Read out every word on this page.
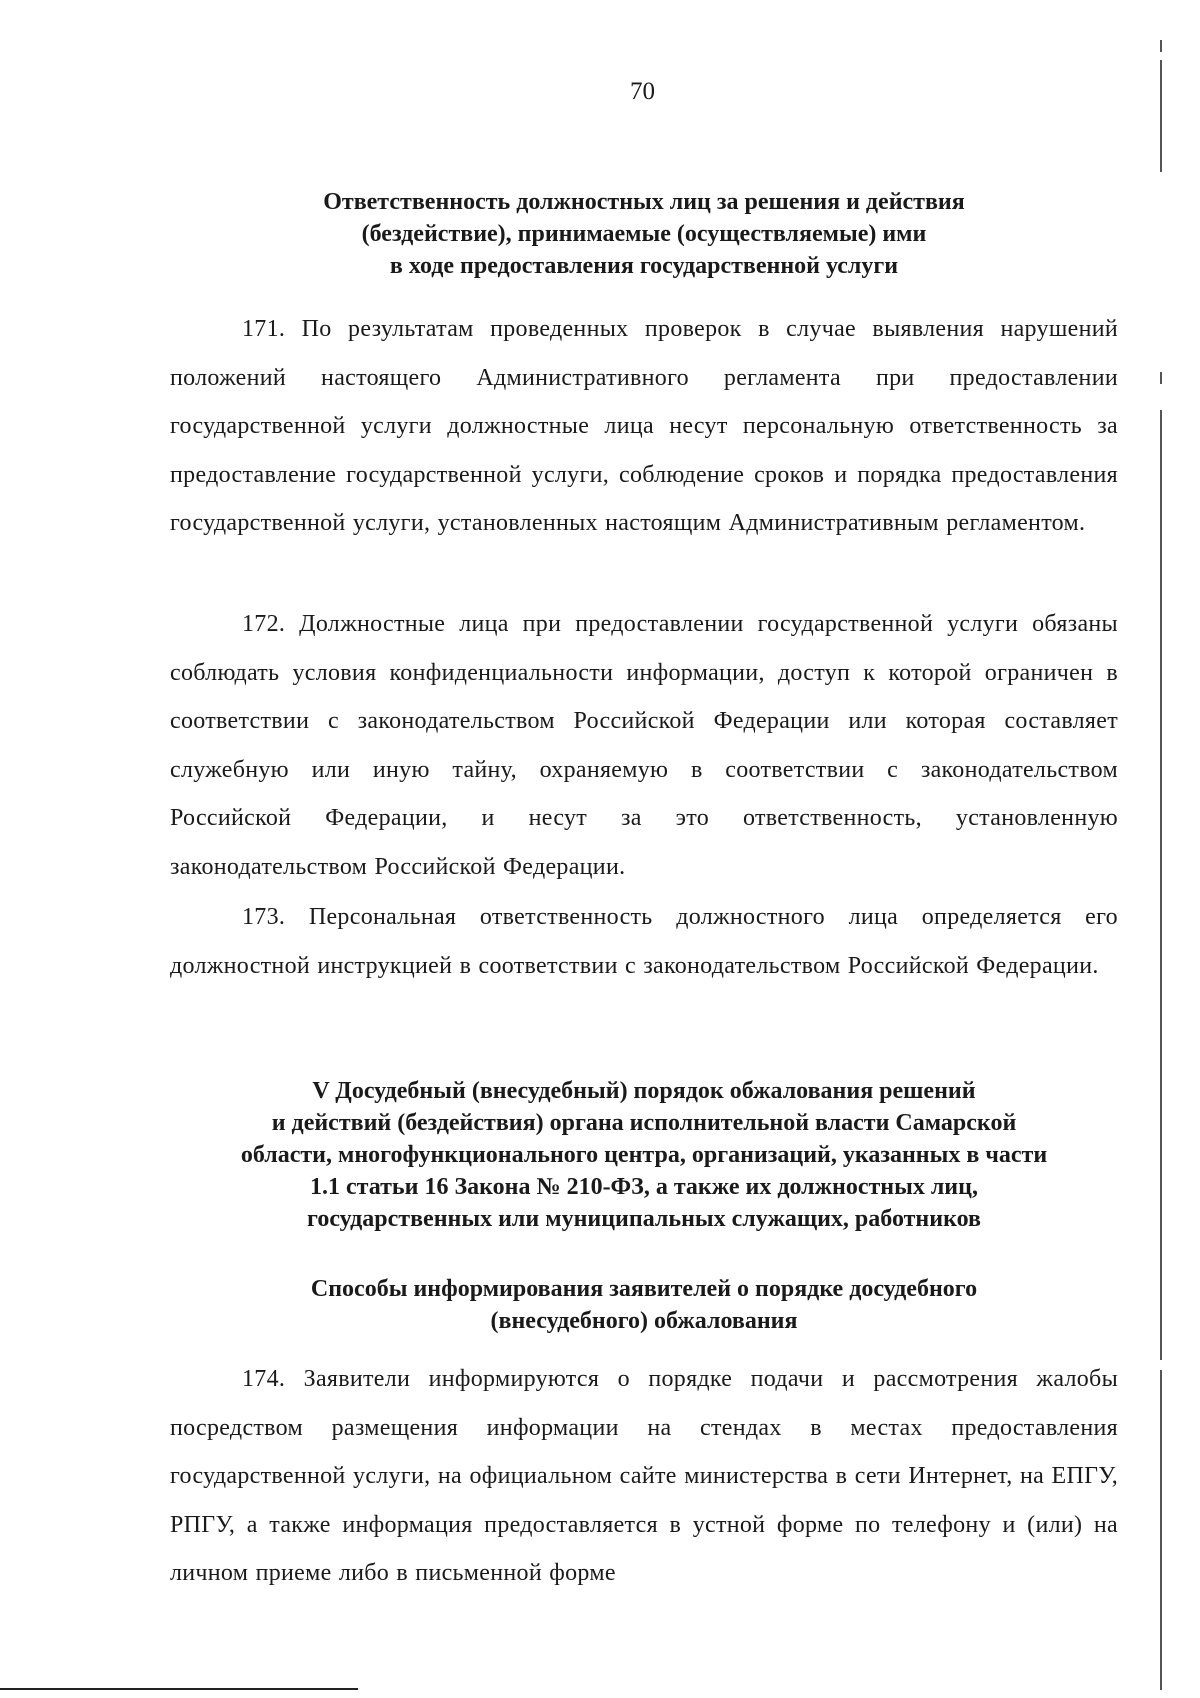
70
Ответственность должностных лиц за решения и действия
(бездействие), принимаемые (осуществляемые) ими
в ходе предоставления государственной услуги
171. По результатам проведенных проверок в случае выявления нарушений положений настоящего Административного регламента при предоставлении государственной услуги должностные лица несут персональную ответственность за предоставление государственной услуги, соблюдение сроков и порядка предоставления государственной услуги, установленных настоящим Административным регламентом.
172. Должностные лица при предоставлении государственной услуги обязаны соблюдать условия конфиденциальности информации, доступ к которой ограничен в соответствии с законодательством Российской Федерации или которая составляет служебную или иную тайну, охраняемую в соответствии с законодательством Российской Федерации, и несут за это ответственность, установленную законодательством Российской Федерации.
173. Персональная ответственность должностного лица определяется его должностной инструкцией в соответствии с законодательством Российской Федерации.
V Досудебный (внесудебный) порядок обжалования решений
и действий (бездействия) органа исполнительной власти Самарской
области, многофункционального центра, организаций, указанных в части
1.1 статьи 16 Закона № 210-ФЗ, а также их должностных лиц,
государственных или муниципальных служащих, работников
Способы информирования заявителей о порядке досудебного
(внесудебного) обжалования
174. Заявители информируются о порядке подачи и рассмотрения жалобы посредством размещения информации на стендах в местах предоставления государственной услуги, на официальном сайте министерства в сети Интернет, на ЕПГУ, РПГУ, а также информация предоставляется в устной форме по телефону и (или) на личном приеме либо в письменной форме
